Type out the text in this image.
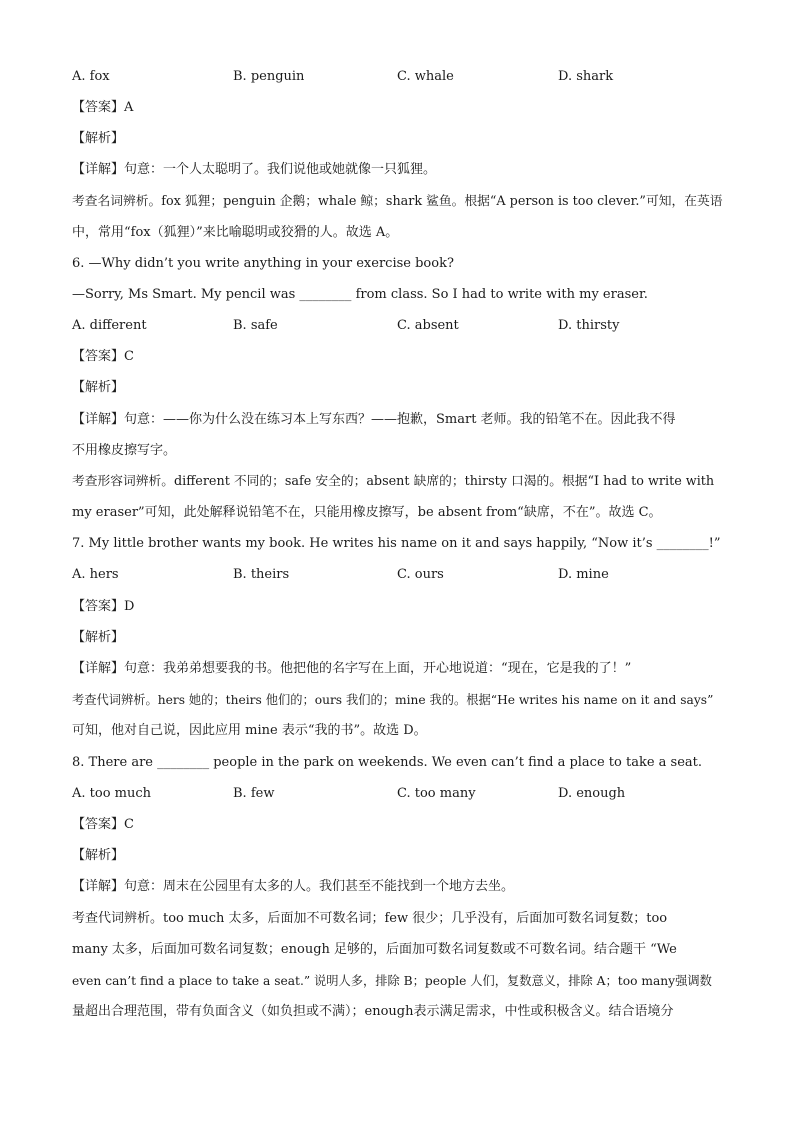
A. fox	B. penguin	C. whale	D. shark
【答案】A
【解析】
【详解】句意：一个人太聪明了。我们说他或她就像一只狐狸。
考查名词辨析。fox 狐狸；penguin 企鹅；whale 鲸；shark 鲨鱼。根据“A person is too clever.”可知，在英语
中，常用“fox（狐狸）”来比喻聪明或狡猾的人。故选 A。
6. —Why didn’t you write anything in your exercise book?
—Sorry, Ms Smart. My pencil was ________ from class. So I had to write with my eraser.
A. different	B. safe	C. absent	D. thirsty
【答案】C
【解析】
【详解】句意：——你为什么没在练习本上写东西？——抱歉，Smart 老师。我的铅笔不在。因此我不得
不用橡皮擦写字。
考查形容词辨析。different 不同的；safe 安全的；absent 缺席的；thirsty 口渴的。根据“I had to write with
my eraser”可知，此处解释说铅笔不在，只能用橡皮擦写，be absent from“缺席，不在”。故选 C。
7. My little brother wants my book. He writes his name on it and says happily, “Now it’s ________!”
A. hers	B. theirs	C. ours	D. mine
【答案】D
【解析】
【详解】句意：我弟弟想要我的书。他把他的名字写在上面，开心地说道：“现在，它是我的了！”
考查代词辨析。hers 她的；theirs 他们的；ours 我们的；mine 我的。根据“He writes his name on it and says”
可知，他对自己说，因此应用 mine 表示“我的书”。故选 D。
8. There are ________ people in the park on weekends. We even can’t find a place to take a seat.
A. too much	B. few	C. too many	D. enough
【答案】C
【解析】
【详解】句意：周末在公园里有太多的人。我们甚至不能找到一个地方去坐。
考查代词辨析。too much 太多，后面加不可数名词；few 很少；几乎没有，后面加可数名词复数；too
many 太多，后面加可数名词复数；enough 足够的，后面加可数名词复数或不可数名词。结合题干 “We
even can’t find a place to take a seat.” 说明人多，排除 B；people 人们，复数意义，排除 A；too many强调数
量超出合理范围，带有负面含义（如负担或不满）；enough表示满足需求，中性或积极含义。结合语境分
